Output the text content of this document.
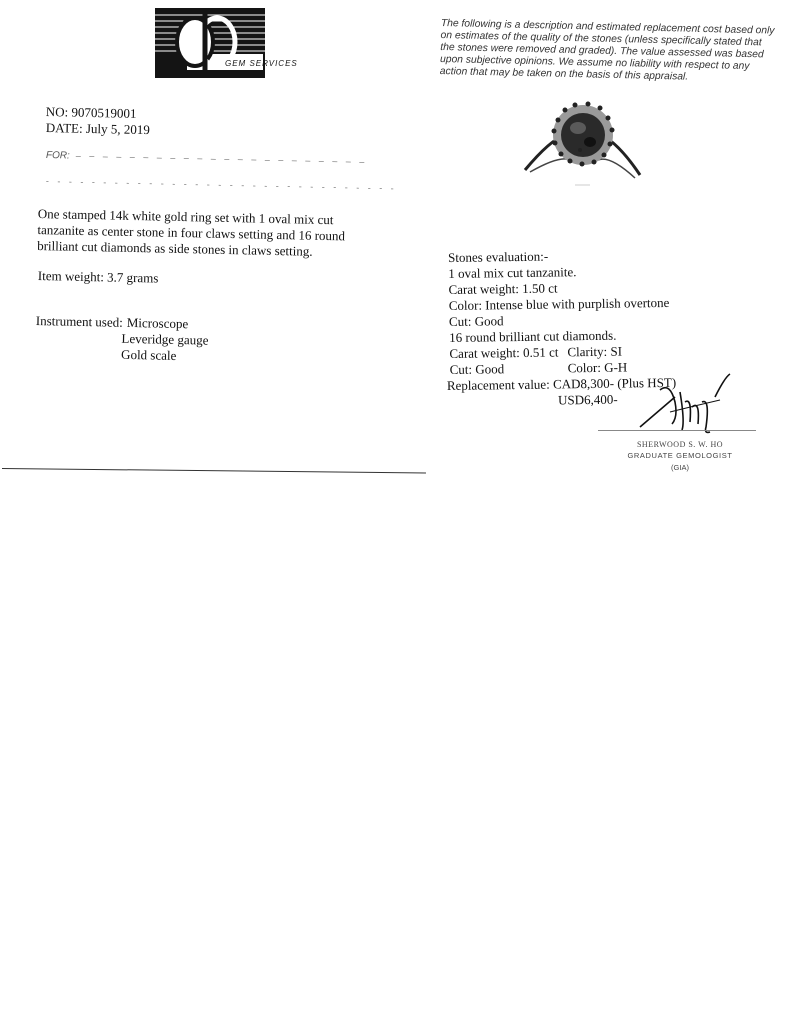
GEM SERVICES
The following is a description and estimated replacement cost based only on estimates of the quality of the stones (unless specifically stated that the stones were removed and graded). The value assessed was based upon subjective opinions. We assume no liability with respect to any action that may be taken on the basis of this appraisal.
NO: 9070519001
DATE: July 5, 2019
FOR: – – – – – – – – – – – – – – – – – – – – – –
- - - - - - - - - - - - - - - - - - - - - - - - - - - - - - -
One stamped 14k white gold ring set with 1 oval mix cut
tanzanite as center stone in four claws setting and 16 round
brilliant cut diamonds as side stones in claws setting.
Item weight: 3.7 grams
Instrument used: Microscope
Leveridge gauge
Gold scale
Stones evaluation:-
1 oval mix cut tanzanite.
Carat weight: 1.50 ct
Color: Intense blue with purplish overtone
Cut: Good
16 round brilliant cut diamonds.
Carat weight: 0.51 ct Clarity: SI
Cut: Good	Color: G-H
Replacement value: CAD8,300- (Plus HST)
USD6,400-
SHERWOOD S. W. HO
GRADUATE GEMOLOGIST
(GIA)
